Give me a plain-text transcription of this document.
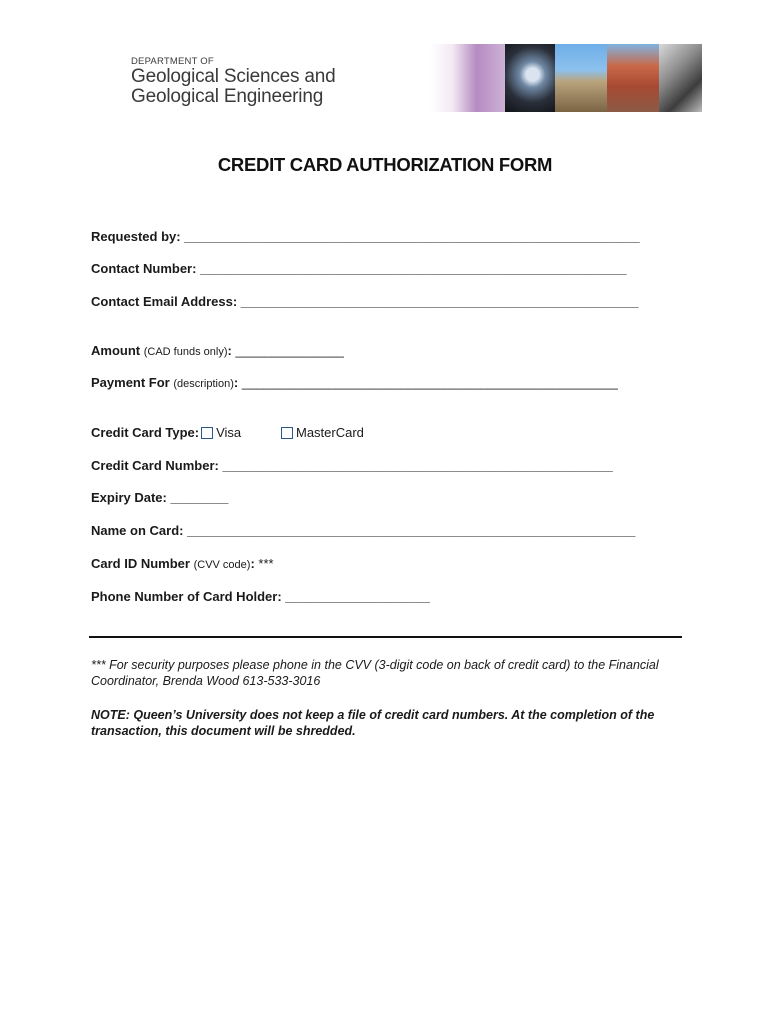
DEPARTMENT OF
Geological Sciences and
Geological Engineering
CREDIT CARD AUTHORIZATION FORM
Requested by: _______________________________________________________________
Contact Number: ___________________________________________________________
Contact Email Address: _______________________________________________________
Amount (CAD funds only): _______________
Payment For (description): ____________________________________________________
Credit Card Type: Visa	MasterCard
Credit Card Number: ______________________________________________________
Expiry Date: ________
Name on Card: ______________________________________________________________
Card ID Number (CVV code): ***
Phone Number of Card Holder: ____________________
*** For security purposes please phone in the CVV (3-digit code on back of credit card) to the Financial Coordinator, Brenda Wood 613-533-3016
NOTE: Queen’s University does not keep a file of credit card numbers. At the completion of the transaction, this document will be shredded.
